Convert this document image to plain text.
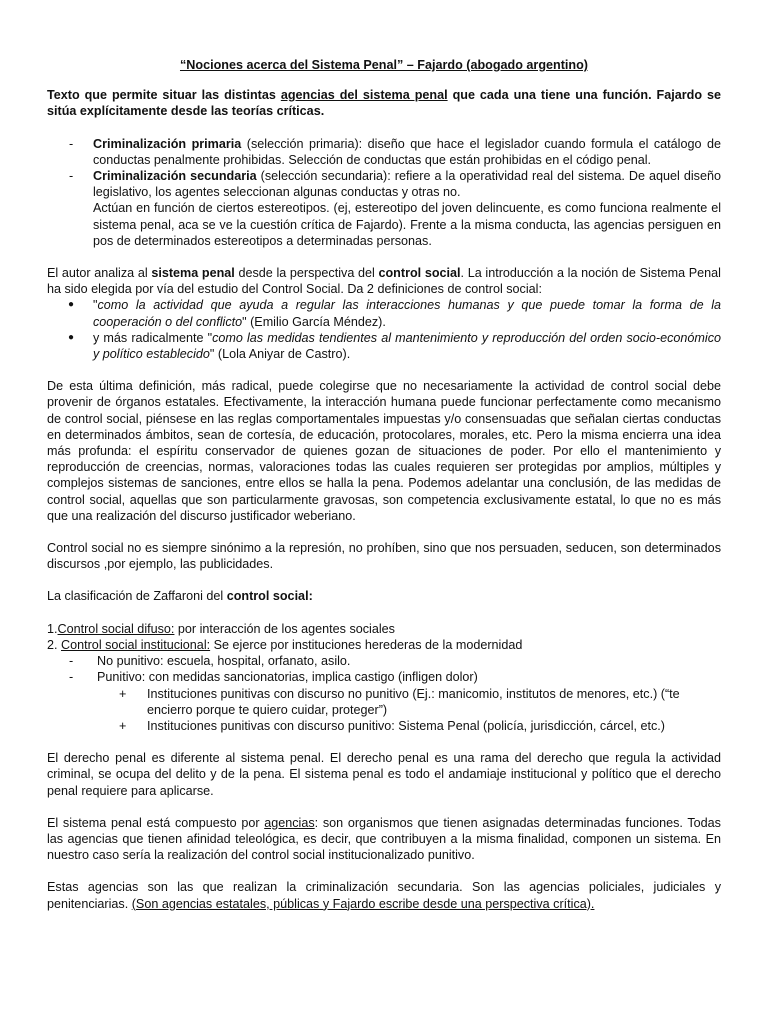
“Nociones acerca del Sistema Penal” – Fajardo (abogado argentino)

Texto que permite situar las distintas agencias del sistema penal que cada una tiene una función. Fajardo se sitúa explícitamente desde las teorías críticas.

- Criminalización primaria (selección primaria): diseño que hace el legislador cuando formula el catálogo de conductas penalmente prohibidas. Selección de conductas que están prohibidas en el código penal.
- Criminalización secundaria (selección secundaria): refiere a la operatividad real del sistema. De aquel diseño legislativo, los agentes seleccionan algunas conductas y otras no.
Actúan en función de ciertos estereotipos. (ej, estereotipo del joven delincuente, es como funciona realmente el sistema penal, aca se ve la cuestión crítica de Fajardo). Frente a la misma conducta, las agencias persiguen en pos de determinados estereotipos a determinadas personas.

El autor analiza al sistema penal desde la perspectiva del control social. La introducción a la noción de Sistema Penal ha sido elegida por vía del estudio del Control Social. Da 2 definiciones de control social:

● "como la actividad que ayuda a regular las interacciones humanas y que puede tomar la forma de la cooperación o del conflicto" (Emilio García Méndez).
● y más radicalmente "como las medidas tendientes al mantenimiento y reproducción del orden socio-económico y político establecido" (Lola Aniyar de Castro).

De esta última definición, más radical, puede colegirse que no necesariamente la actividad de control social debe provenir de órganos estatales. Efectivamente, la interacción humana puede funcionar perfectamente como mecanismo de control social, piénsese en las reglas comportamentales impuestas y/o consensuadas que señalan ciertas conductas en determinados ámbitos, sean de cortesía, de educación, protocolares, morales, etc. Pero la misma encierra una idea más profunda: el espíritu conservador de quienes gozan de situaciones de poder. Por ello el mantenimiento y reproducción de creencias, normas, valoraciones todas las cuales requieren ser protegidas por amplios, múltiples y complejos sistemas de sanciones, entre ellos se halla la pena. Podemos adelantar una conclusión, de las medidas de control social, aquellas que son particularmente gravosas, son competencia exclusivamente estatal, lo que no es más que una realización del discurso justificador weberiano.

Control social no es siempre sinónimo a la represión, no prohíben, sino que nos persuaden, seducen, son determinados discursos ,por ejemplo, las publicidades.

La clasificación de Zaffaroni del control social:

1.Control social difuso: por interacción de los agentes sociales
2. Control social institucional: Se ejerce por instituciones herederas de la modernidad
- No punitivo: escuela, hospital, orfanato, asilo.
- Punitivo: con medidas sancionatorias, implica castigo (infligen dolor)
+ Instituciones punitivas con discurso no punitivo (Ej.: manicomio, institutos de menores, etc.) (“te encierro porque te quiero cuidar, proteger”)
+ Instituciones punitivas con discurso punitivo: Sistema Penal (policía, jurisdicción, cárcel, etc.)

El derecho penal es diferente al sistema penal. El derecho penal es una rama del derecho que regula la actividad criminal, se ocupa del delito y de la pena. El sistema penal es todo el andamiaje institucional y político que el derecho penal requiere para aplicarse.

El sistema penal está compuesto por agencias: son organismos que tienen asignadas determinadas funciones. Todas las agencias que tienen afinidad teleológica, es decir, que contribuyen a la misma finalidad, componen un sistema. En nuestro caso sería la realización del control social institucionalizado punitivo.

Estas agencias son las que realizan la criminalización secundaria. Son las agencias policiales, judiciales y penitenciarias. (Son agencias estatales, públicas y Fajardo escribe desde una perspectiva crítica).
